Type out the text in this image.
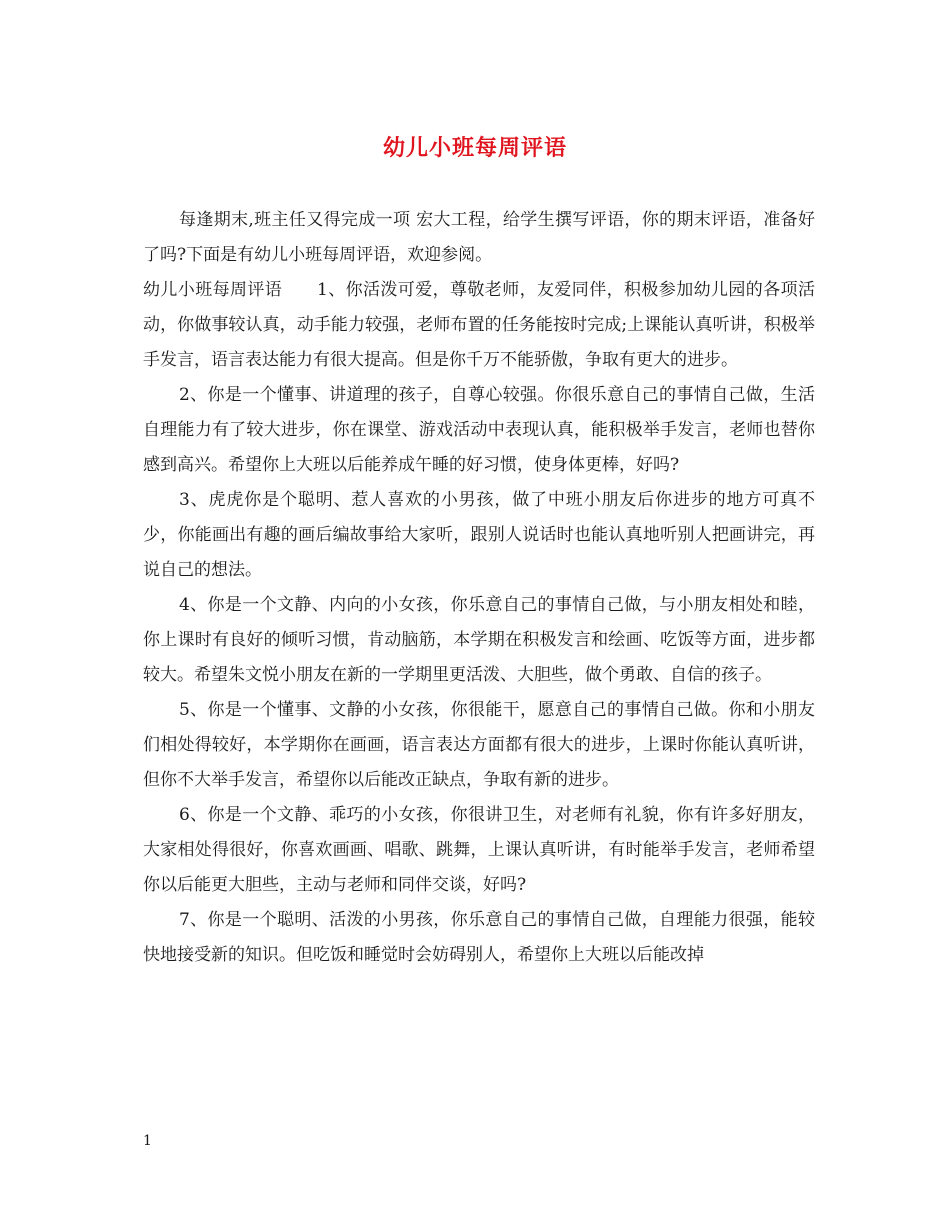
幼儿小班每周评语

每逢期末,班主任又得完成一项 宏大工程，给学生撰写评语，你的期末评语，准备好了吗?下面是有幼儿小班每周评语，欢迎参阅。

幼儿小班每周评语　　1、你活泼可爱，尊敬老师，友爱同伴，积极参加幼儿园的各项活动，你做事较认真，动手能力较强，老师布置的任务能按时完成;上课能认真听讲，积极举手发言，语言表达能力有很大提高。但是你千万不能骄傲，争取有更大的进步。

2、你是一个懂事、讲道理的孩子，自尊心较强。你很乐意自己的事情自己做，生活自理能力有了较大进步，你在课堂、游戏活动中表现认真，能积极举手发言，老师也替你感到高兴。希望你上大班以后能养成午睡的好习惯，使身体更棒，好吗?

3、虎虎你是个聪明、惹人喜欢的小男孩，做了中班小朋友后你进步的地方可真不少，你能画出有趣的画后编故事给大家听，跟别人说话时也能认真地听别人把画讲完，再说自己的想法。

4、你是一个文静、内向的小女孩，你乐意自己的事情自己做，与小朋友相处和睦，你上课时有良好的倾听习惯，肯动脑筋，本学期在积极发言和绘画、吃饭等方面，进步都较大。希望朱文悦小朋友在新的一学期里更活泼、大胆些，做个勇敢、自信的孩子。

5、你是一个懂事、文静的小女孩，你很能干，愿意自己的事情自己做。你和小朋友们相处得较好，本学期你在画画，语言表达方面都有很大的进步，上课时你能认真听讲，但你不大举手发言，希望你以后能改正缺点，争取有新的进步。

6、你是一个文静、乖巧的小女孩，你很讲卫生，对老师有礼貌，你有许多好朋友，大家相处得很好，你喜欢画画、唱歌、跳舞，上课认真听讲，有时能举手发言，老师希望你以后能更大胆些，主动与老师和同伴交谈，好吗?

7、你是一个聪明、活泼的小男孩，你乐意自己的事情自己做，自理能力很强，能较快地接受新的知识。但吃饭和睡觉时会妨碍别人，希望你上大班以后能改掉

1
